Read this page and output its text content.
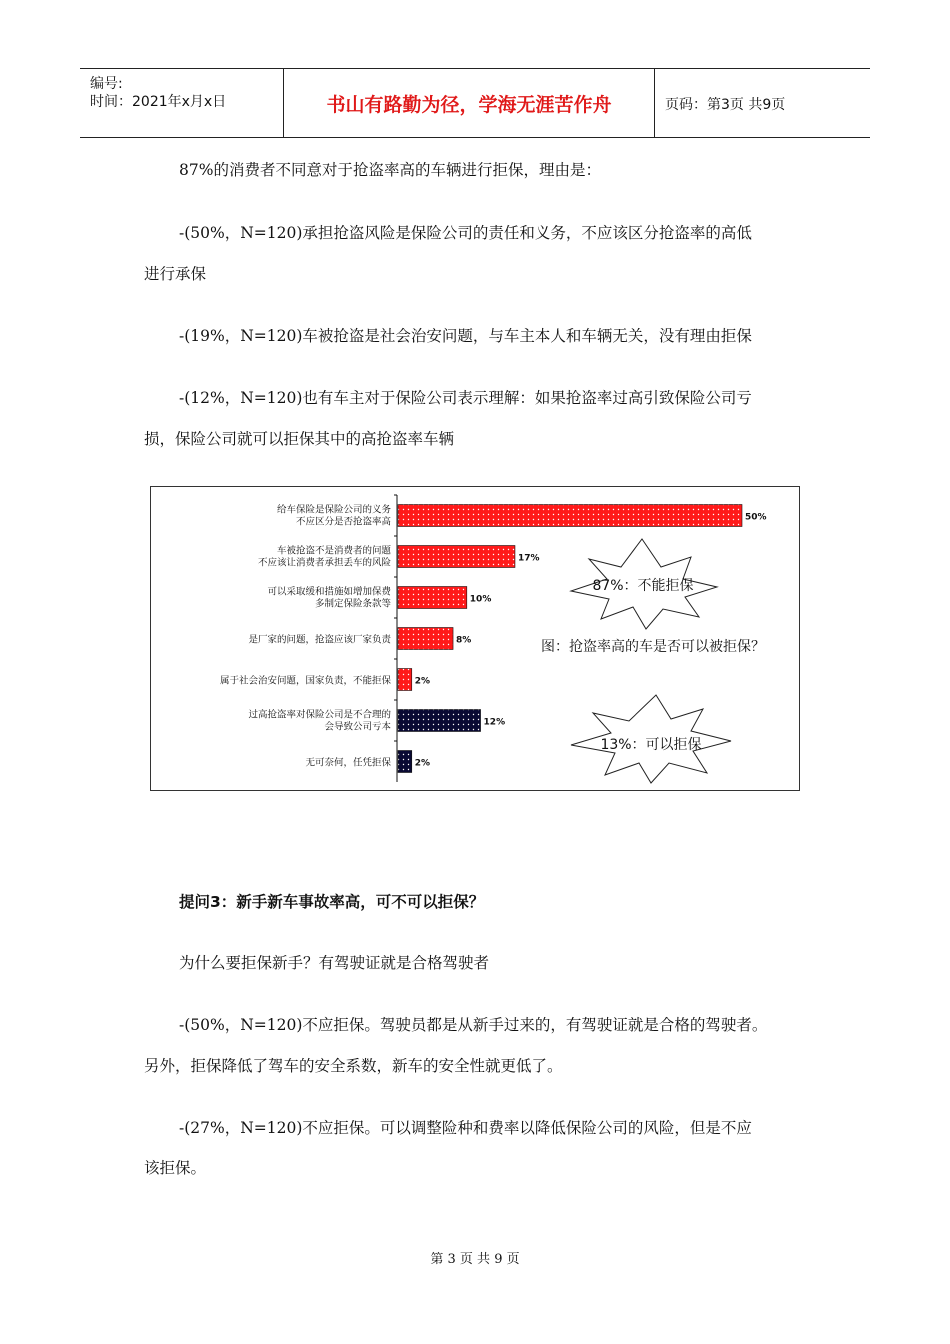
编号:
时间：2021年x月x日	书山有路勤为径，学海无涯苦作舟	页码：第3页 共9页
87%的消费者不同意对于抢盗率高的车辆进行拒保，理由是：
-(50%，N=120)承担抢盗风险是保险公司的责任和义务，不应该区分抢盗率的高低
进行承保
-(19%，N=120)车被抢盗是社会治安问题，与车主本人和车辆无关，没有理由拒保
-(12%，N=120)也有车主对于保险公司表示理解：如果抢盗率过高引致保险公司亏
损，保险公司就可以拒保其中的高抢盗率车辆
给车保险是保险公司的义务
不应区分是否抢盗率高
车被抢盗不是消费者的问题
不应该让消费者承担丢车的风险
可以采取缓和措施如增加保费
多制定保险条款等
是厂家的问题，抢盗应该厂家负责
属于社会治安问题，国家负责，不能拒保
过高抢盗率对保险公司是不合理的
会导致公司亏本
无可奈何，任凭拒保
50%
17%
10%
8%
2%
12%
2%
87%：不能拒保
图：抢盗率高的车是否可以被拒保？
13%：可以拒保
提问3：新手新车事故率高，可不可以拒保？
为什么要拒保新手？有驾驶证就是合格驾驶者
-(50%，N=120)不应拒保。驾驶员都是从新手过来的，有驾驶证就是合格的驾驶者。
另外，拒保降低了驾车的安全系数，新车的安全性就更低了。
-(27%，N=120)不应拒保。可以调整险种和费率以降低保险公司的风险，但是不应
该拒保。
第 3 页 共 9 页
